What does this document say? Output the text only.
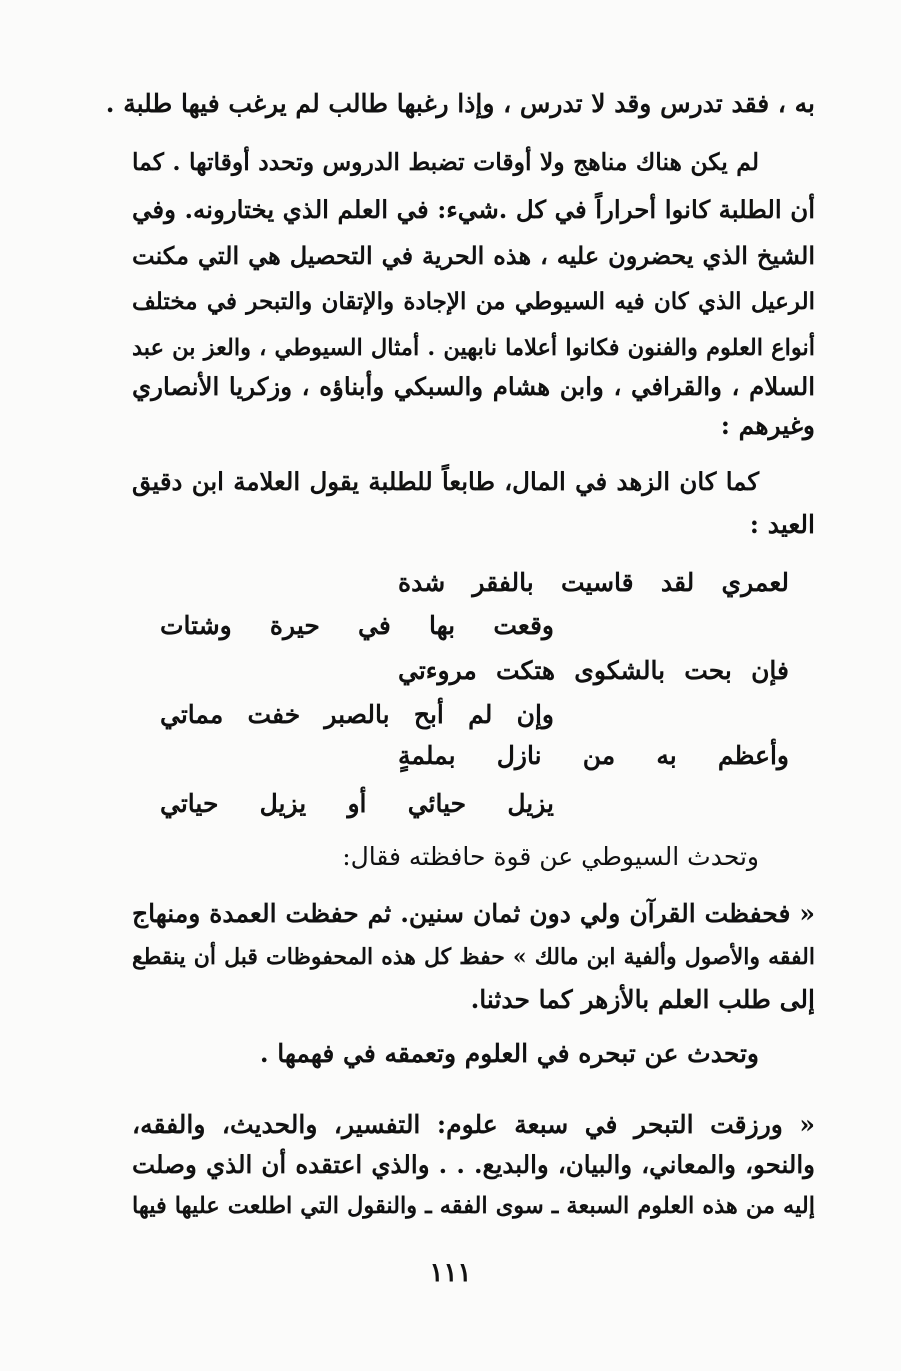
به ، فقد تدرس وقد لا تدرس ، وإذا رغبها طالب لم يرغب فيها طلبة .
لم يكن هناك مناهج ولا أوقات تضبط الدروس وتحدد أوقاتها . كما
أن الطلبة كانوا أحراراً في كل .شيء: في العلم الذي يختارونه. وفي
الشيخ الذي يحضرون عليه ، هذه الحرية في التحصيل هي التي مكنت
الرعيل الذي كان فيه السيوطي من الإجادة والإتقان والتبحر في مختلف
أنواع العلوم والفنون فكانوا أعلاما نابهين . أمثال السيوطي ، والعز بن عبد
السلام ، والقرافي ، وابن هشام والسبكي وأبناؤه ، وزكريا الأنصاري
وغيرهم :
كما كان الزهد في المال، طابعاً للطلبة يقول العلامة ابن دقيق
العيد :
لعمري لقد قاسيت بالفقر شدة
وقعت بها في حيرة وشتات
فإن بحت بالشكوى هتكت مروءتي
وإن لم أبح بالصبر خفت مماتي
وأعظم به من نازل بملمةٍ
يزيل حيائي أو يزيل حياتي
وتحدث السيوطي عن قوة حافظته فقال:
« فحفظت القرآن ولي دون ثمان سنين. ثم حفظت العمدة ومنهاج
الفقه والأصول وألفية ابن مالك » حفظ كل هذه المحفوظات قبل أن ينقطع
إلى طلب العلم بالأزهر كما حدثنا.
وتحدث عن تبحره في العلوم وتعمقه في فهمها .
« ورزقت التبحر في سبعة علوم: التفسير، والحديث، والفقه،
والنحو، والمعاني، والبيان، والبديع. . . والذي اعتقده أن الذي وصلت
إليه من هذه العلوم السبعة ـ سوى الفقه ـ والنقول التي اطلعت عليها فيها
١١١
